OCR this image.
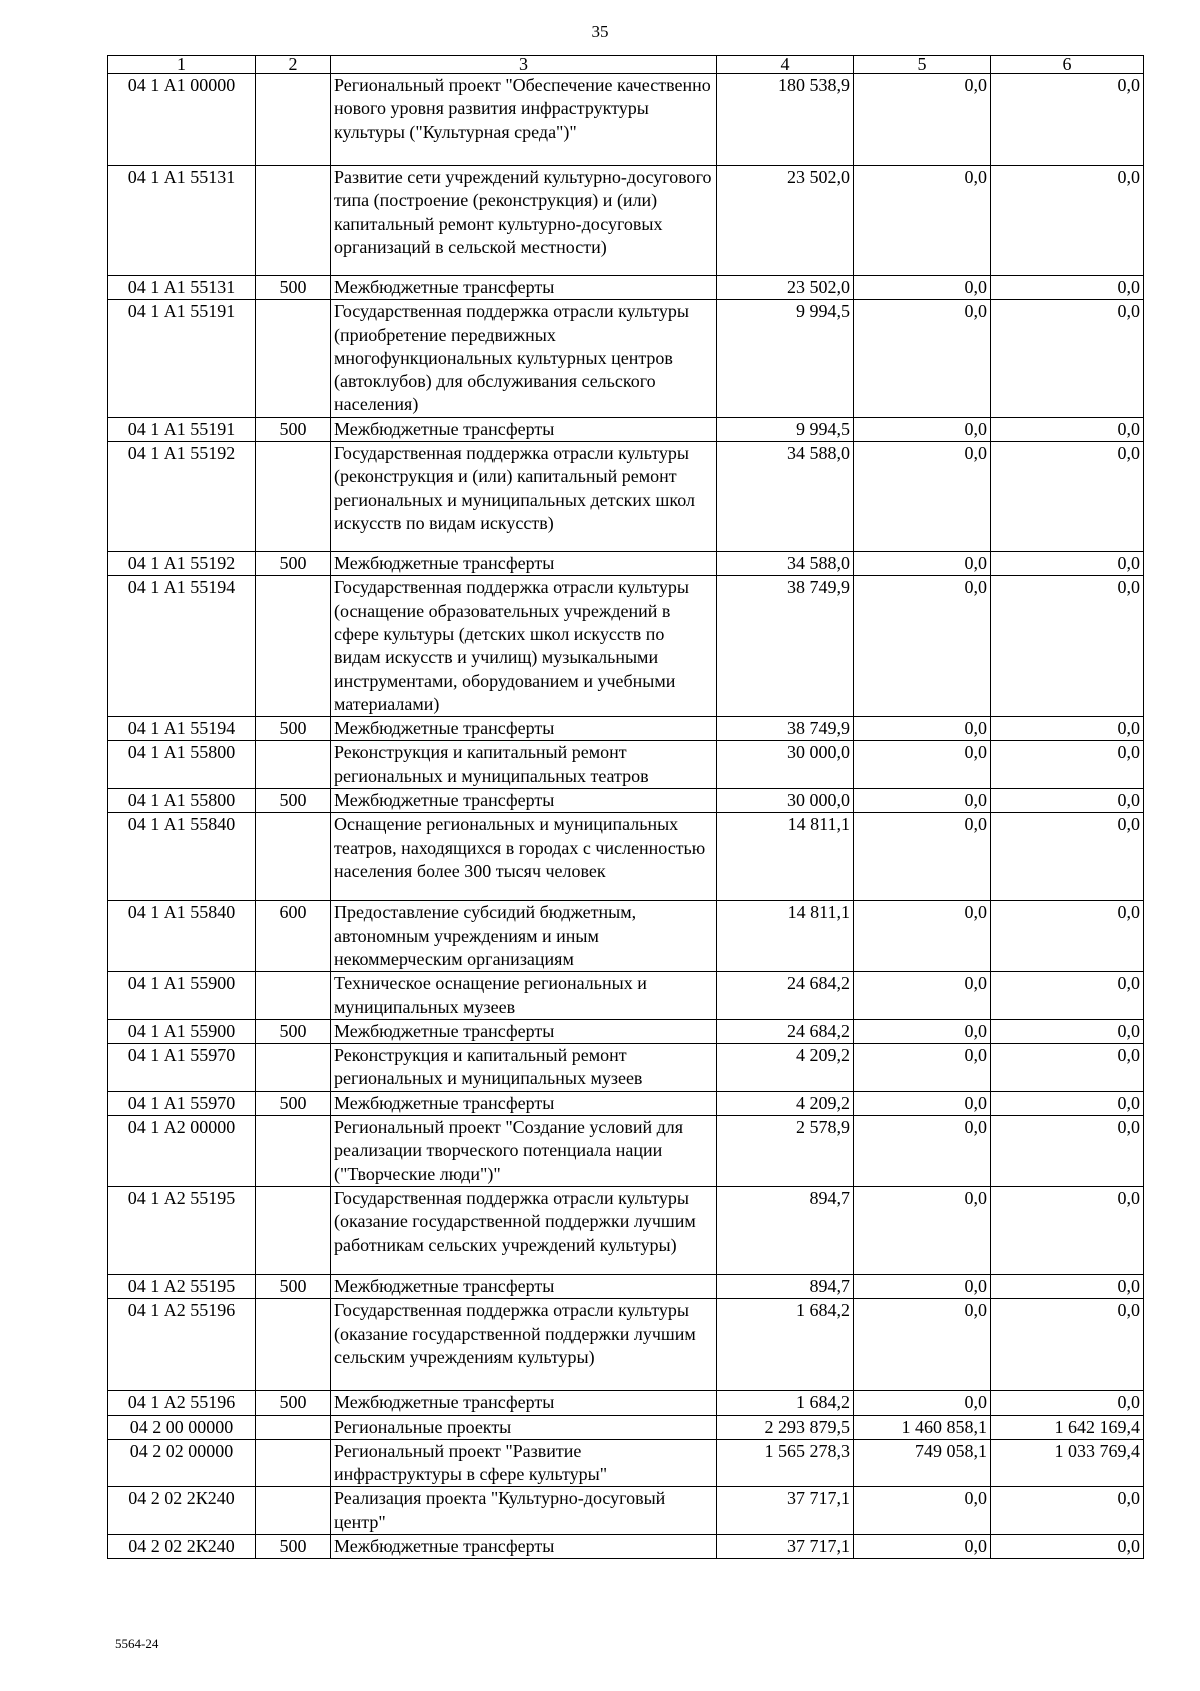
35
1	2	3	4	5	6
04 1 А1 00000		Региональный проект "Обеспечение качественно нового уровня развития инфраструктуры культуры ("Культурная среда")"	180 538,9	0,0	0,0
04 1 А1 55131		Развитие сети учреждений культурно-досугового типа (построение (реконструкция) и (или) капитальный ремонт культурно-досуговых организаций в сельской местности)	23 502,0	0,0	0,0
04 1 А1 55131	500	Межбюджетные трансферты	23 502,0	0,0	0,0
04 1 А1 55191		Государственная поддержка отрасли культуры (приобретение передвижных многофункциональных культурных центров (автоклубов) для обслуживания сельского населения)	9 994,5	0,0	0,0
04 1 А1 55191	500	Межбюджетные трансферты	9 994,5	0,0	0,0
04 1 А1 55192		Государственная поддержка отрасли культуры (реконструкция и (или) капитальный ремонт региональных и муниципальных детских школ искусств по видам искусств)	34 588,0	0,0	0,0
04 1 А1 55192	500	Межбюджетные трансферты	34 588,0	0,0	0,0
04 1 А1 55194		Государственная поддержка отрасли культуры (оснащение образовательных учреждений в сфере культуры (детских школ искусств по видам искусств и училищ) музыкальными инструментами, оборудованием и учебными материалами)	38 749,9	0,0	0,0
04 1 А1 55194	500	Межбюджетные трансферты	38 749,9	0,0	0,0
04 1 А1 55800		Реконструкция и капитальный ремонт региональных и муниципальных театров	30 000,0	0,0	0,0
04 1 А1 55800	500	Межбюджетные трансферты	30 000,0	0,0	0,0
04 1 А1 55840		Оснащение региональных и муниципальных театров, находящихся в городах с численностью населения более 300 тысяч человек	14 811,1	0,0	0,0
04 1 А1 55840	600	Предоставление субсидий бюджетным, автономным учреждениям и иным некоммерческим организациям	14 811,1	0,0	0,0
04 1 А1 55900		Техническое оснащение региональных и муниципальных музеев	24 684,2	0,0	0,0
04 1 А1 55900	500	Межбюджетные трансферты	24 684,2	0,0	0,0
04 1 А1 55970		Реконструкция и капитальный ремонт региональных и муниципальных музеев	4 209,2	0,0	0,0
04 1 А1 55970	500	Межбюджетные трансферты	4 209,2	0,0	0,0
04 1 А2 00000		Региональный проект "Создание условий для реализации творческого потенциала нации ("Творческие люди")"	2 578,9	0,0	0,0
04 1 А2 55195		Государственная поддержка отрасли культуры (оказание государственной поддержки лучшим работникам сельских учреждений культуры)	894,7	0,0	0,0
04 1 А2 55195	500	Межбюджетные трансферты	894,7	0,0	0,0
04 1 А2 55196		Государственная поддержка отрасли культуры (оказание государственной поддержки лучшим сельским учреждениям культуры)	1 684,2	0,0	0,0
04 1 А2 55196	500	Межбюджетные трансферты	1 684,2	0,0	0,0
04 2 00 00000		Региональные проекты	2 293 879,5	1 460 858,1	1 642 169,4
04 2 02 00000		Региональный проект "Развитие инфраструктуры в сфере культуры"	1 565 278,3	749 058,1	1 033 769,4
04 2 02 2К240		Реализация проекта "Культурно-досуговый центр"	37 717,1	0,0	0,0
04 2 02 2К240	500	Межбюджетные трансферты	37 717,1	0,0	0,0
5564-24
